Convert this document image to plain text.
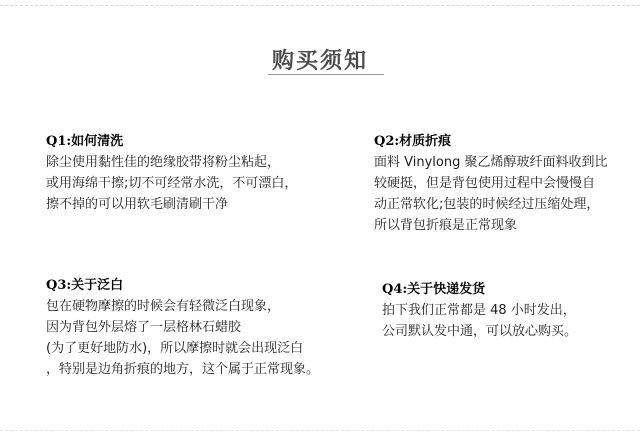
购买须知
Q1:如何清洗
除尘使用黏性佳的绝缘胶带将粉尘粘起，
或用海绵干擦;切不可经常水洗，不可漂白，
擦不掉的可以用软毛刷清刷干净
Q2:材质折痕
面料 Vinylong 聚乙烯醇玻纤面料收到比
较硬挺，但是背包使用过程中会慢慢自
动正常软化;包装的时候经过压缩处理，
所以背包折痕是正常现象
Q3:关于泛白
包在硬物摩擦的时候会有轻微泛白现象，
因为背包外层熔了一层格林石蜡胶
(为了更好地防水)，所以摩擦时就会出现泛白
，特别是边角折痕的地方，这个属于正常现象。
Q4:关于快递发货
拍下我们正常都是 48 小时发出，
公司默认发中通，可以放心购买。
